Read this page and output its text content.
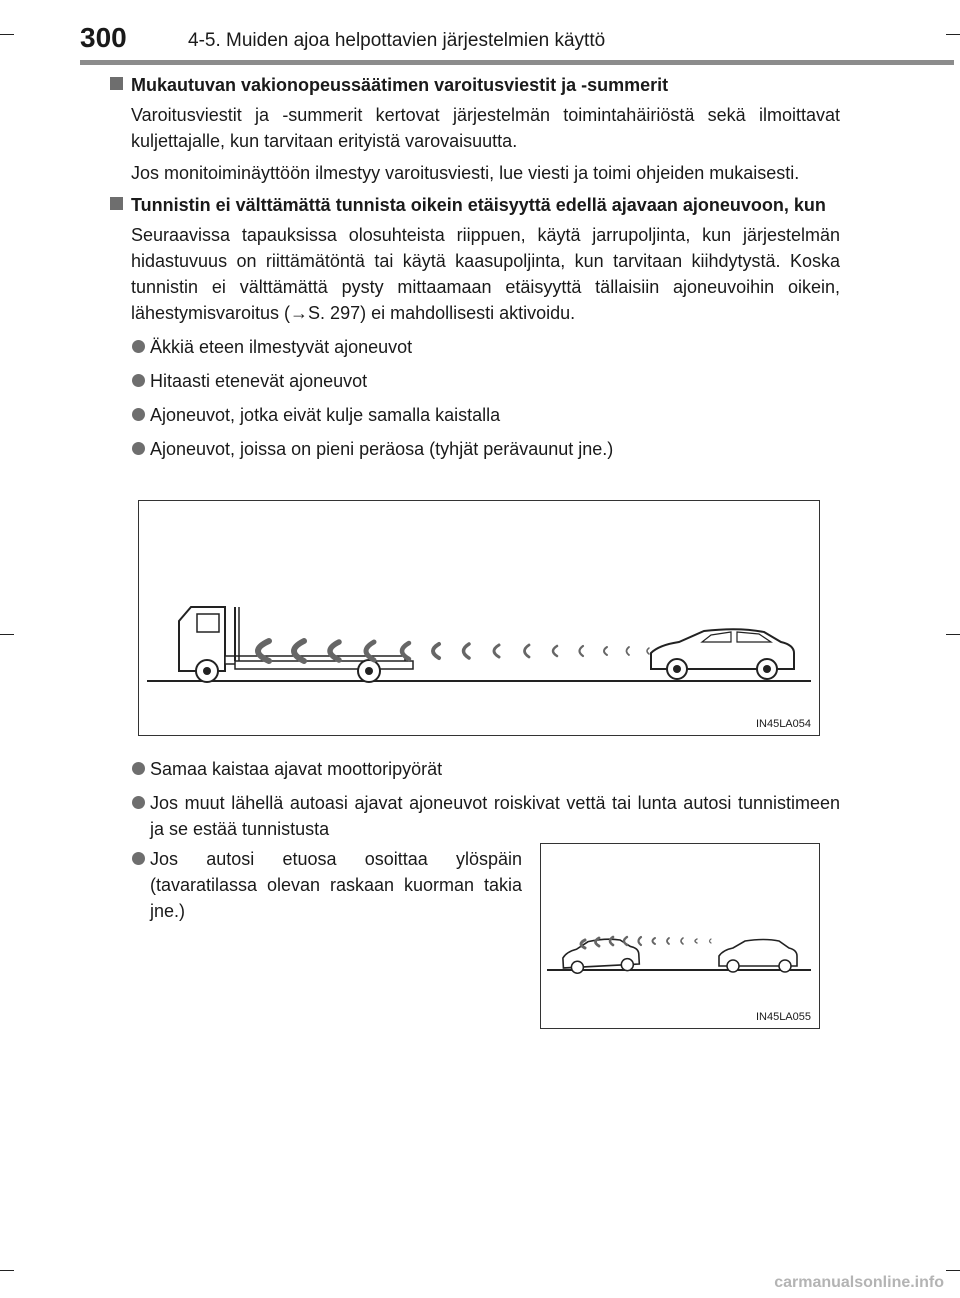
300	4-5. Muiden ajoa helpottavien järjestelmien käyttö
Mukautuvan vakionopeussäätimen varoitusviestit ja -summerit
Varoitusviestit ja -summerit kertovat järjestelmän toimintahäiriöstä sekä ilmoittavat kuljettajalle, kun tarvitaan erityistä varovaisuutta.
Jos monitoiminäyttöön ilmestyy varoitusviesti, lue viesti ja toimi ohjeiden mukaisesti.
Tunnistin ei välttämättä tunnista oikein etäisyyttä edellä ajavaan ajoneuvoon, kun
Seuraavissa tapauksissa olosuhteista riippuen, käytä jarrupoljinta, kun järjestelmän hidastuvuus on riittämätöntä tai käytä kaasupoljinta, kun tarvitaan kiihdytystä. Koska tunnistin ei välttämättä pysty mittaamaan etäisyyttä tällaisiin ajoneuvoihin oikein, lähestymisvaroitus (→S. 297) ei mahdollisesti aktivoidu.
Äkkiä eteen ilmestyvät ajoneuvot
Hitaasti etenevät ajoneuvot
Ajoneuvot, jotka eivät kulje samalla kaistalla
Ajoneuvot, joissa on pieni peräosa (tyhjät perävaunut jne.)
IN45LA054
Samaa kaistaa ajavat moottoripyörät
Jos muut lähellä autoasi ajavat ajoneuvot roiskivat vettä tai lunta autosi tunnistimeen ja se estää tunnistusta
Jos autosi etuosa osoittaa ylöspäin (tavaratilassa olevan raskaan kuorman takia jne.)
IN45LA055
carmanualsonline.info
